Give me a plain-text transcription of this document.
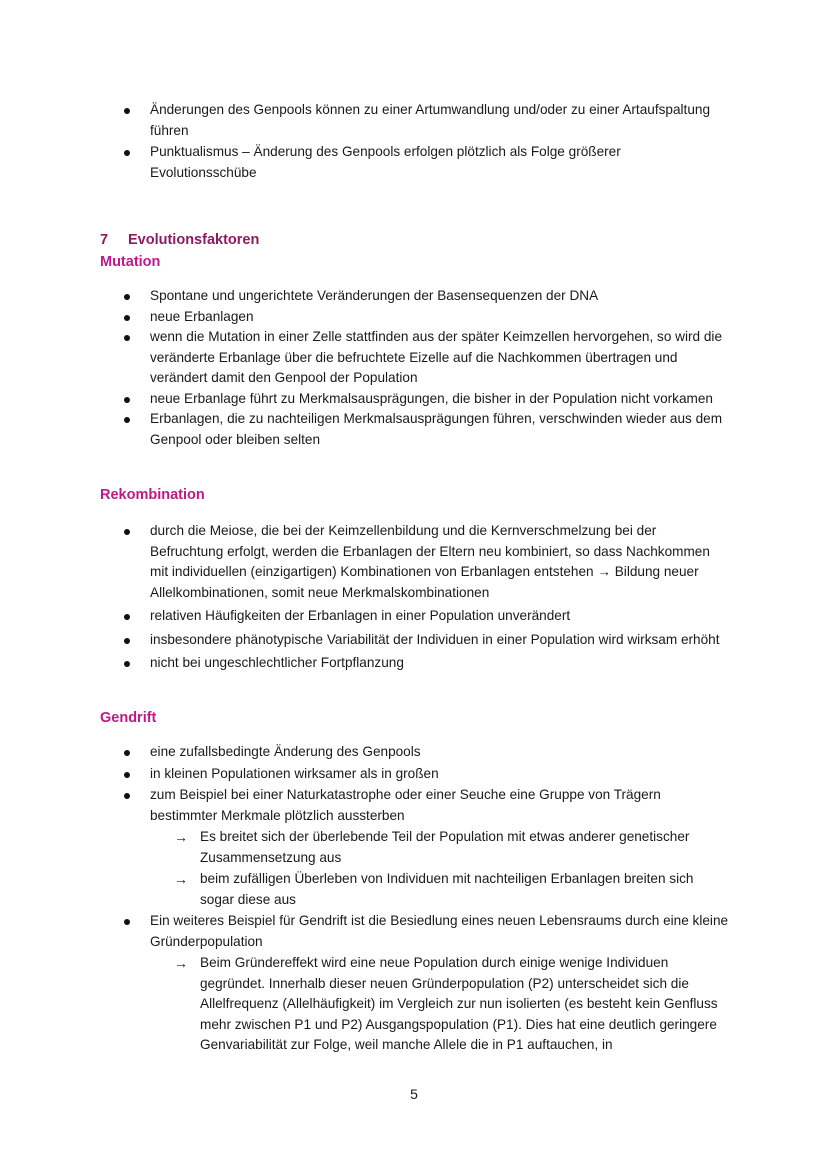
Änderungen des Genpools können zu einer Artumwandlung und/oder zu einer Artaufspaltung führen
Punktualismus – Änderung des Genpools erfolgen plötzlich als Folge größerer Evolutionsschübe
7 Evolutionsfaktoren
Mutation
Spontane und ungerichtete Veränderungen der Basensequenzen der DNA
neue Erbanlagen
wenn die Mutation in einer Zelle stattfinden aus der später Keimzellen hervorgehen, so wird die veränderte Erbanlage über die befruchtete Eizelle auf die Nachkommen übertragen und verändert damit den Genpool der Population
neue Erbanlage führt zu Merkmalsausprägungen, die bisher in der Population nicht vorkamen
Erbanlagen, die zu nachteiligen Merkmalsausprägungen führen, verschwinden wieder aus dem Genpool oder bleiben selten
Rekombination
durch die Meiose, die bei der Keimzellenbildung und die Kernverschmelzung bei der Befruchtung erfolgt, werden die Erbanlagen der Eltern neu kombiniert, so dass Nachkommen mit individuellen (einzigartigen) Kombinationen von Erbanlagen entstehen → Bildung neuer Allelkombinationen, somit neue Merkmalskombinationen
relativen Häufigkeiten der Erbanlagen in einer Population unverändert
insbesondere phänotypische Variabilität der Individuen in einer Population wird wirksam erhöht
nicht bei ungeschlechtlicher Fortpflanzung
Gendrift
eine zufallsbedingte Änderung des Genpools
in kleinen Populationen wirksamer als in großen
zum Beispiel bei einer Naturkatastrophe oder einer Seuche eine Gruppe von Trägern bestimmter Merkmale plötzlich aussterben
→ Es breitet sich der überlebende Teil der Population mit etwas anderer genetischer Zusammensetzung aus
→ beim zufälligen Überleben von Individuen mit nachteiligen Erbanlagen breiten sich sogar diese aus
Ein weiteres Beispiel für Gendrift ist die Besiedlung eines neuen Lebensraums durch eine kleine Gründerpopulation
→ Beim Gründereffekt wird eine neue Population durch einige wenige Individuen gegründet. Innerhalb dieser neuen Gründerpopulation (P2) unterscheidet sich die Allelfrequenz (Allelhäufigkeit) im Vergleich zur nun isolierten (es besteht kein Genfluss mehr zwischen P1 und P2) Ausgangspopulation (P1). Dies hat eine deutlich geringere Genvariabilität zur Folge, weil manche Allele die in P1 auftauchen, in
5
